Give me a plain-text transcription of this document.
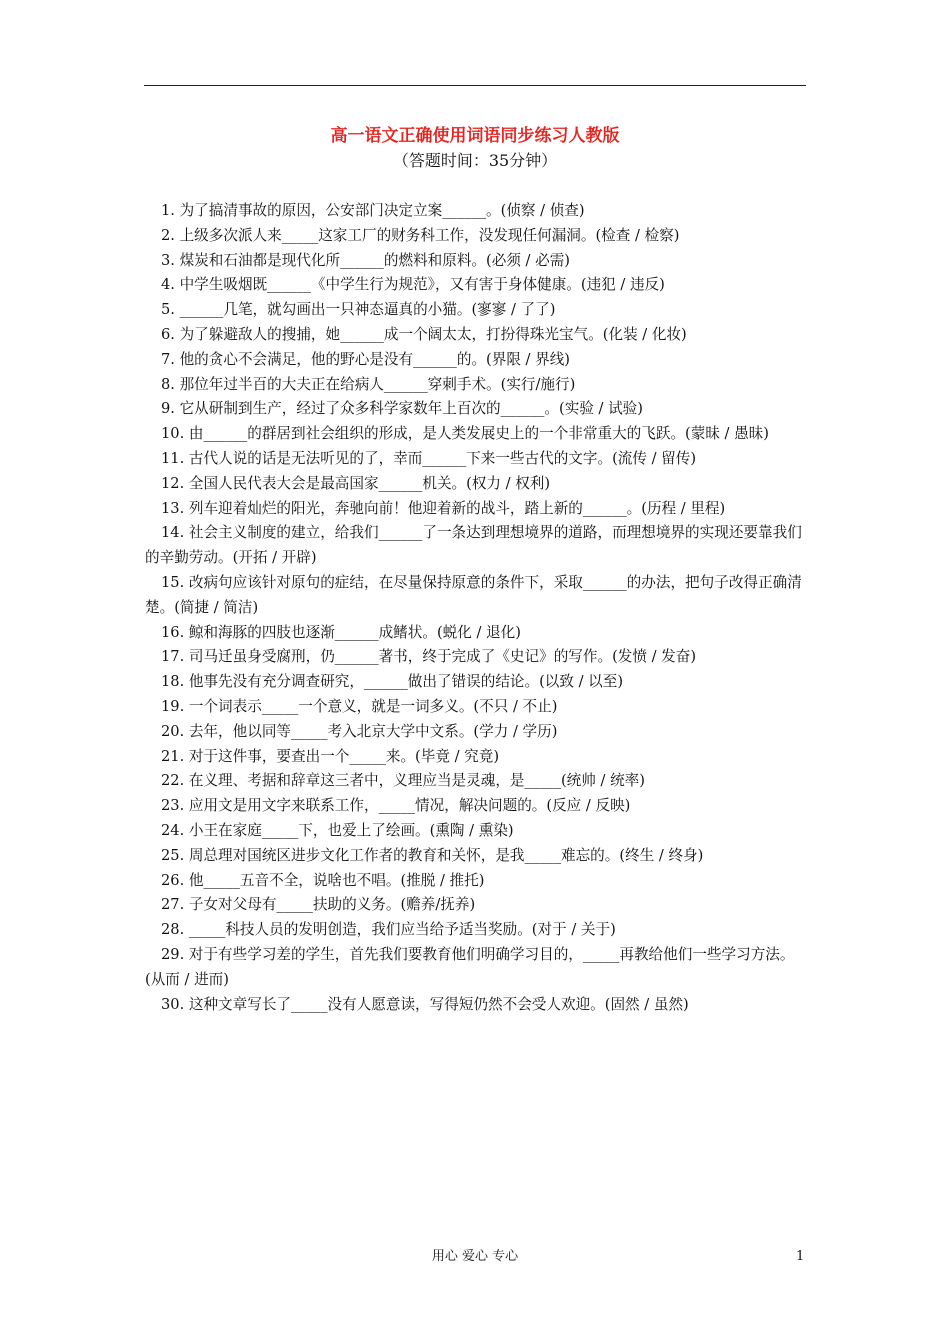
高一语文正确使用词语同步练习人教版
（答题时间：35分钟）

1. 为了搞清事故的原因，公安部门决定立案______。(侦察 / 侦查)

2. 上级多次派人来_____这家工厂的财务科工作，没发现任何漏洞。(检查 / 检察)

3. 煤炭和石油都是现代化所______的燃料和原料。(必须 / 必需)

4. 中学生吸烟既______《中学生行为规范》，又有害于身体健康。(违犯 / 违反)

5. ______几笔，就勾画出一只神态逼真的小猫。(寥寥 / 了了)

6. 为了躲避敌人的搜捕，她______成一个阔太太，打扮得珠光宝气。(化装 / 化妆)

7. 他的贪心不会满足，他的野心是没有______的。(界限 / 界线)

8. 那位年过半百的大夫正在给病人______穿刺手术。(实行/施行)

9. 它从研制到生产，经过了众多科学家数年上百次的______。(实验 / 试验)

10. 由______的群居到社会组织的形成，是人类发展史上的一个非常重大的飞跃。(蒙昧 / 愚昧)

11. 古代人说的话是无法听见的了，幸而______下来一些古代的文字。(流传 / 留传)

12. 全国人民代表大会是最高国家______机关。(权力 / 权利)

13. 列车迎着灿烂的阳光，奔驰向前！他迎着新的战斗，踏上新的______。(历程 / 里程)

14. 社会主义制度的建立，给我们______了一条达到理想境界的道路，而理想境界的实现还要靠我们的辛勤劳动。(开拓 / 开辟)

15. 改病句应该针对原句的症结，在尽量保持原意的条件下，采取______的办法，把句子改得正确清楚。(简捷 / 简洁)

16. 鲸和海豚的四肢也逐渐______成鳍状。(蜕化 / 退化)

17. 司马迁虽身受腐刑，仍______著书，终于完成了《史记》的写作。(发愤 / 发奋)

18. 他事先没有充分调查研究，______做出了错误的结论。(以致 / 以至)

19. 一个词表示_____一个意义，就是一词多义。(不只 / 不止)

20. 去年，他以同等_____考入北京大学中文系。(学力 / 学历)

21. 对于这件事，要查出一个_____来。(毕竟 / 究竟)

22. 在义理、考据和辞章这三者中，义理应当是灵魂，是_____(统帅 / 统率)

23. 应用文是用文字来联系工作，_____情况，解决问题的。(反应 / 反映)

24. 小王在家庭_____下，也爱上了绘画。(熏陶 / 熏染)

25. 周总理对国统区进步文化工作者的教育和关怀，是我_____难忘的。(终生 / 终身)

26. 他_____五音不全，说啥也不唱。(推脱 / 推托)

27. 子女对父母有_____扶助的义务。(赡养/抚养)

28. _____科技人员的发明创造，我们应当给予适当奖励。(对于 / 关于)

29. 对于有些学习差的学生，首先我们要教育他们明确学习目的，_____再教给他们一些学习方法。(从而 / 进而)

30. 这种文章写长了_____没有人愿意读，写得短仍然不会受人欢迎。(固然 / 虽然)

用心 爱心 专心	1
